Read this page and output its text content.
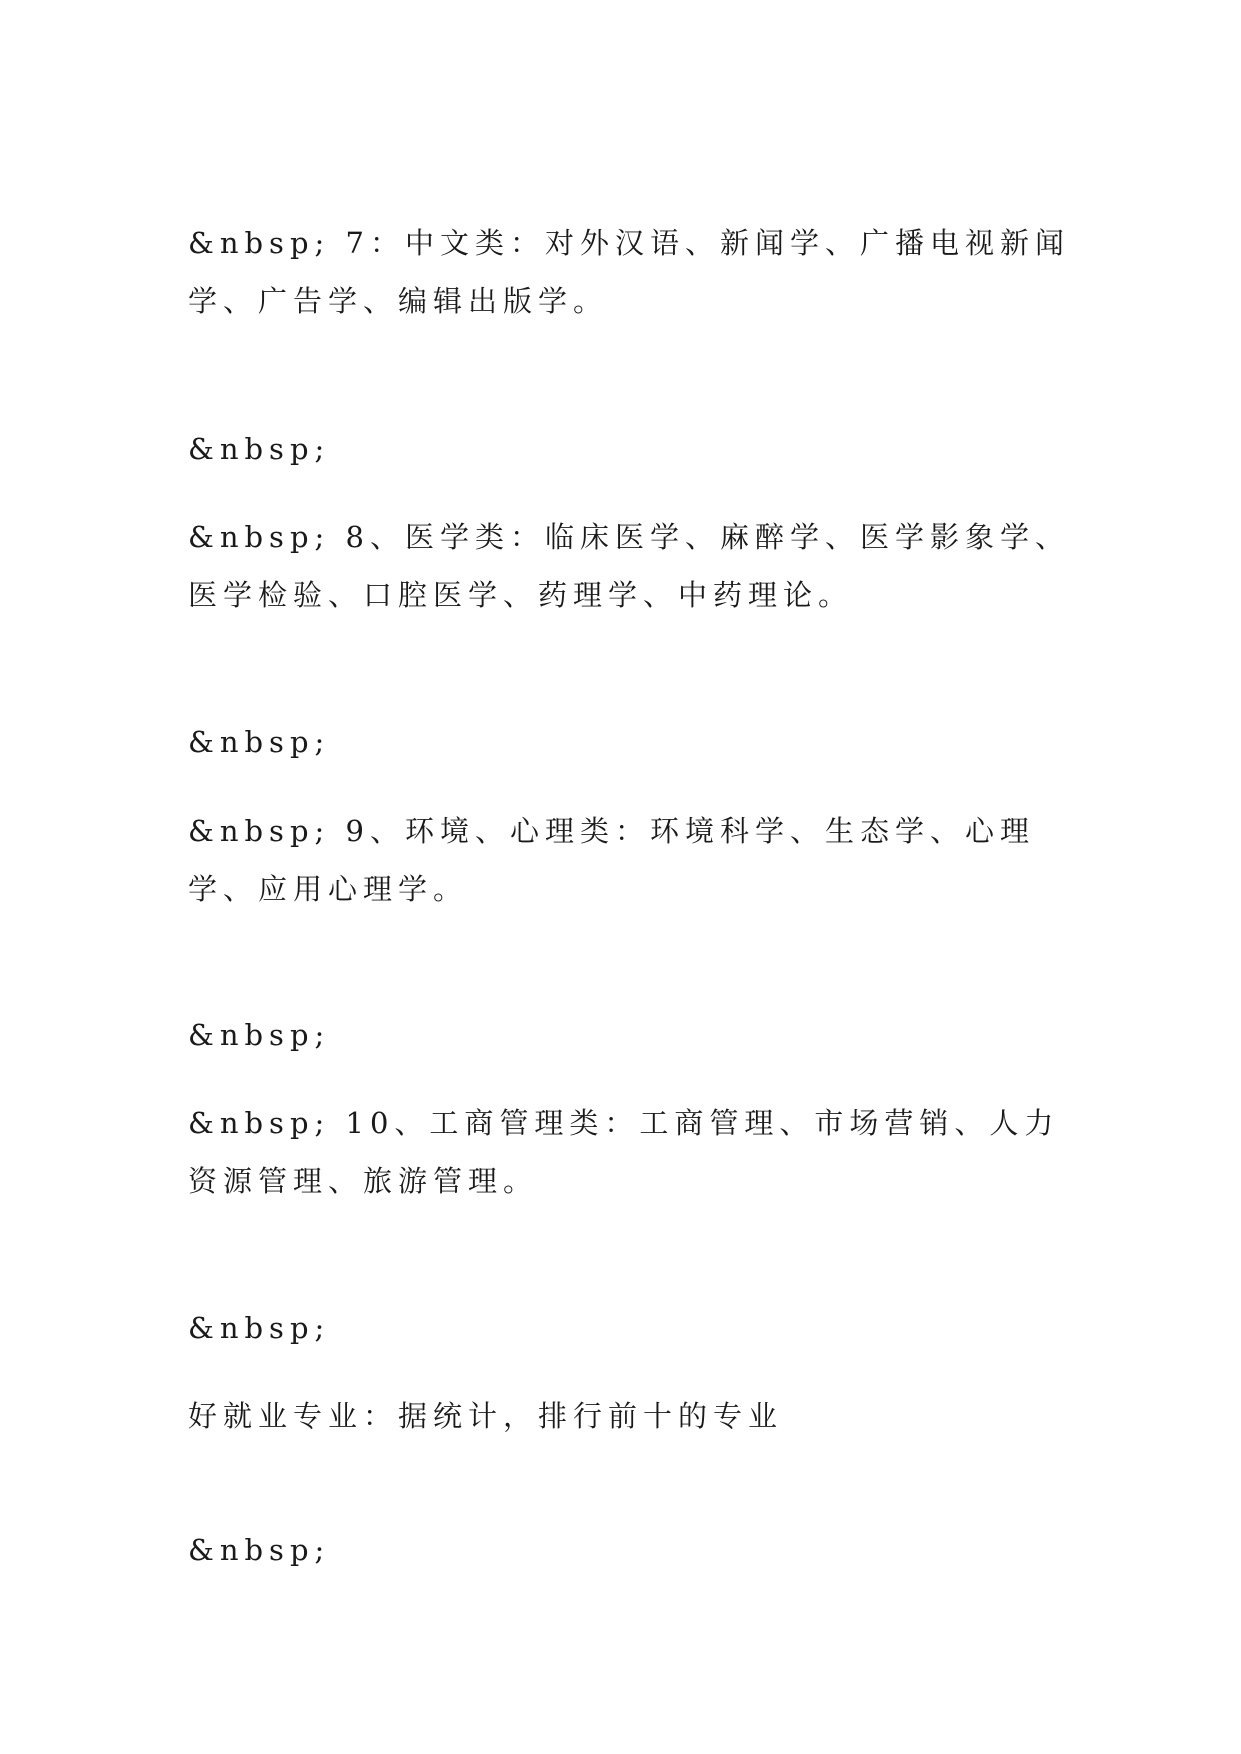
&nbsp; 7：中文类：对外汉语、新闻学、广播电视新闻学、广告学、编辑出版学。

&nbsp;

&nbsp; 8、医学类：临床医学、麻醉学、医学影象学、医学检验、口腔医学、药理学、中药理论。

&nbsp;

&nbsp; 9、环境、心理类：环境科学、生态学、心理学、应用心理学。

&nbsp;

&nbsp; 10、工商管理类：工商管理、市场营销、人力资源管理、旅游管理。

&nbsp;

好就业专业：据统计，排行前十的专业

&nbsp;
